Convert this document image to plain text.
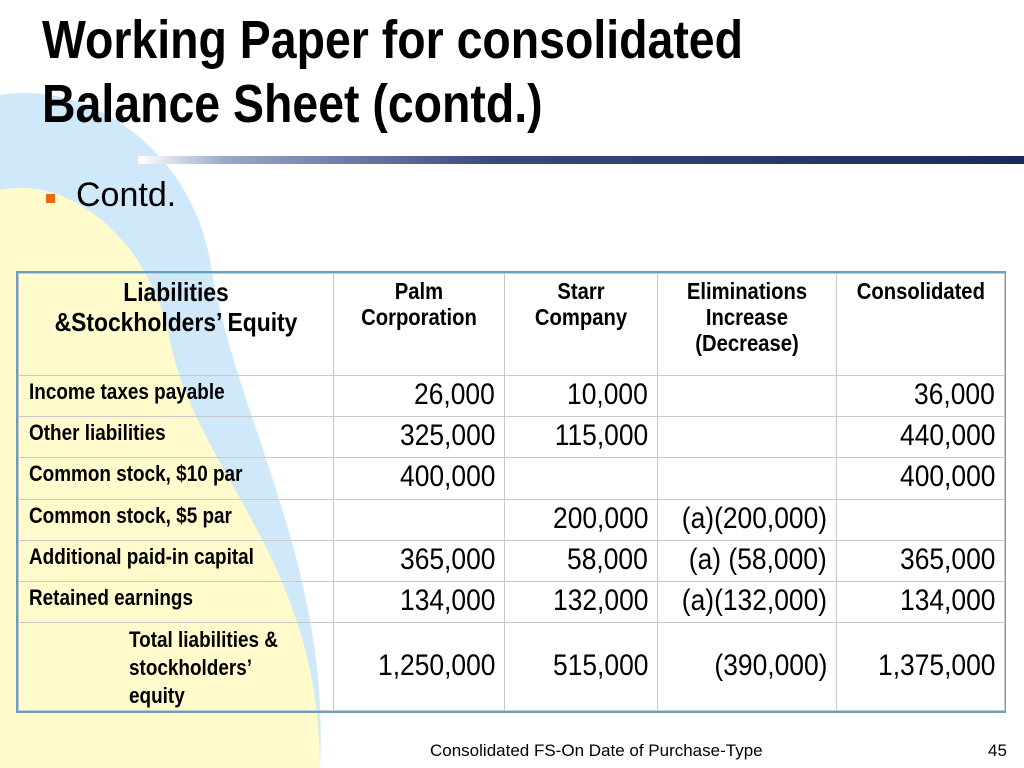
Working Paper for consolidated
Balance Sheet (contd.)
Contd.
Liabilities &Stockholders’ Equity	Palm Corporation	Starr Company	Eliminations Increase (Decrease)	Consolidated
Income taxes payable	26,000	10,000		36,000
Other liabilities	325,000	115,000		440,000
Common stock, $10 par	400,000			400,000
Common stock, $5 par		200,000	(a)(200,000)	
Additional paid-in capital	365,000	58,000	(a) (58,000)	365,000
Retained earnings	134,000	132,000	(a)(132,000)	134,000
Total liabilities & stockholders’ equity	1,250,000	515,000	(390,000)	1,375,000
Consolidated FS-On Date of Purchase-Type	45
